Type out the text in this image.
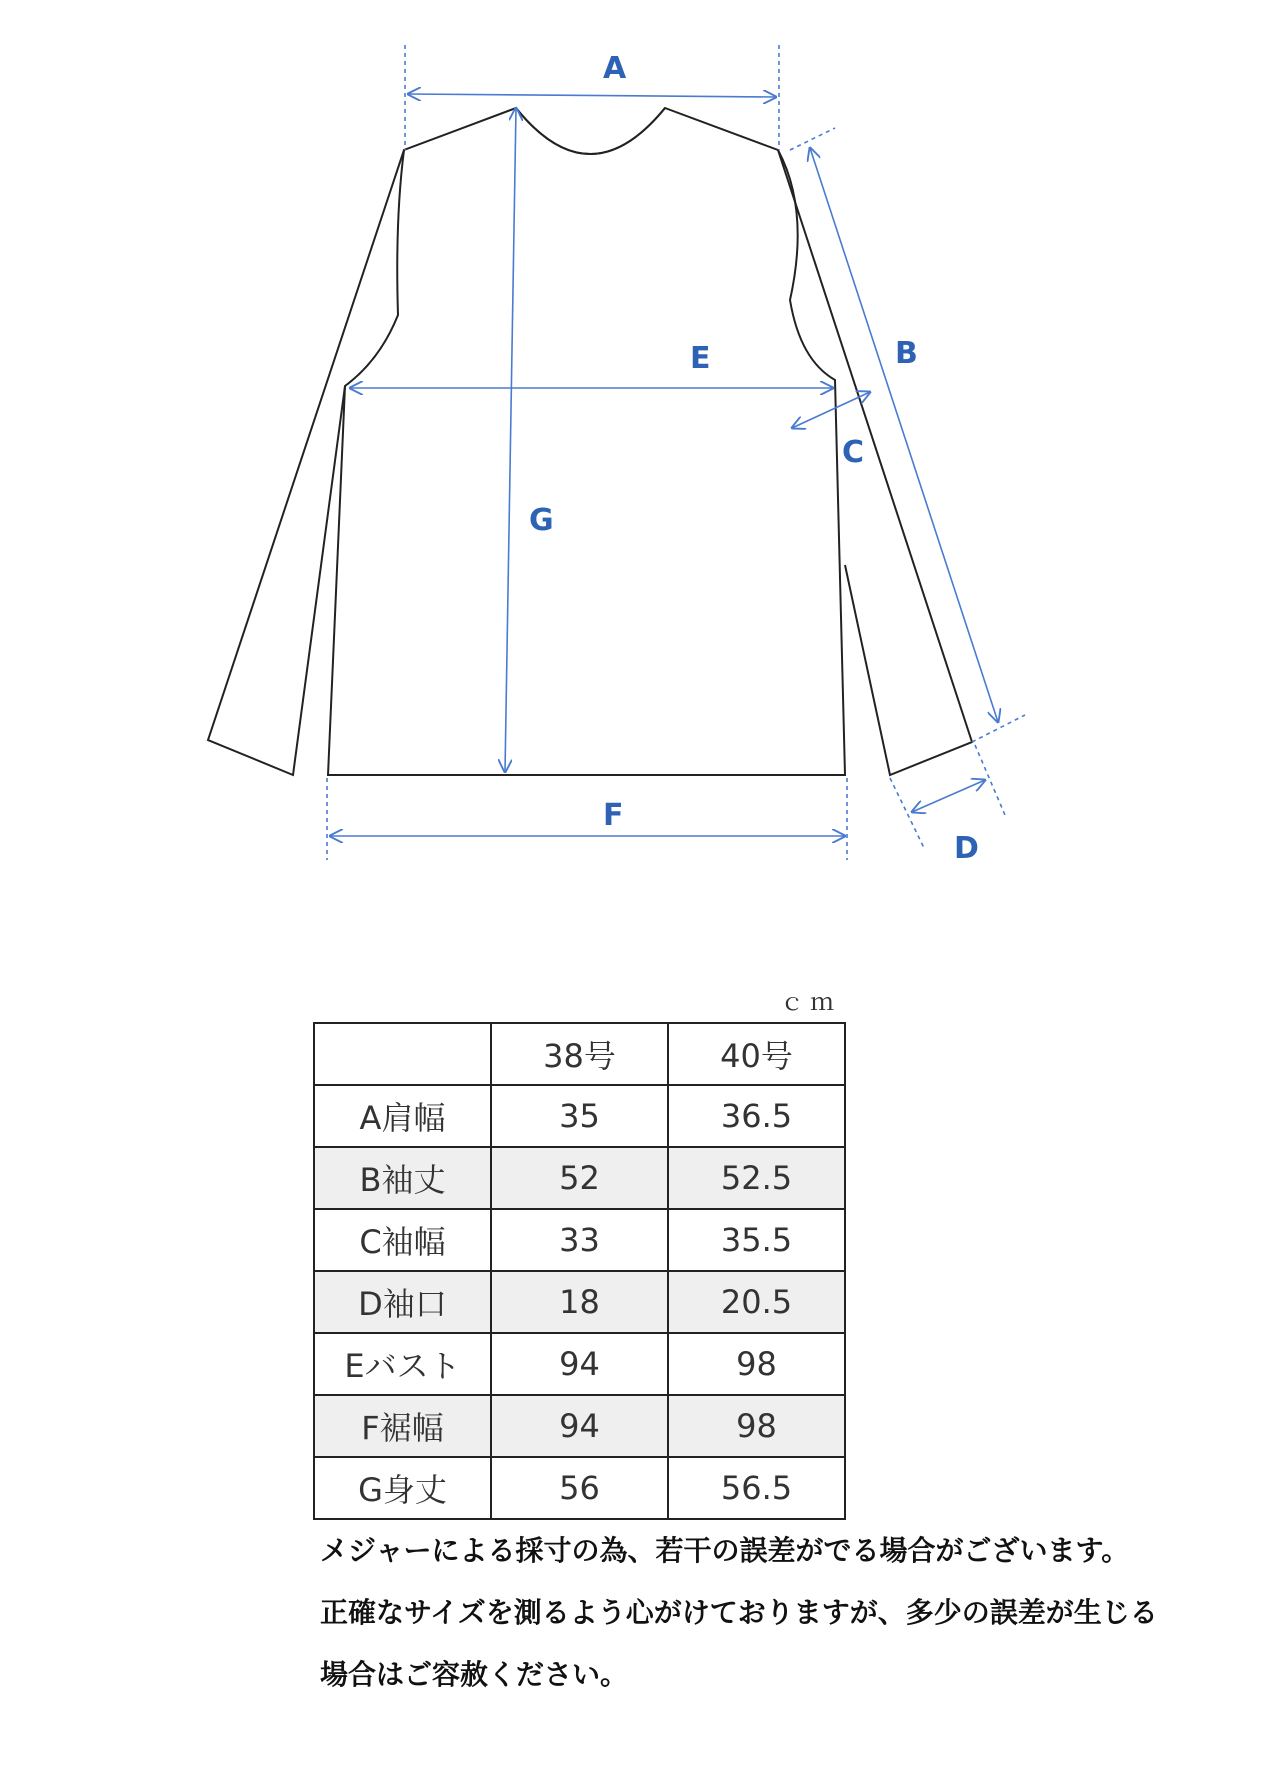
A
B
E
C
G
F
D
ｃｍ
	38号	40号
A肩幅	35	36.5
B袖丈	52	52.5
C袖幅	33	35.5
D袖口	18	20.5
Eバスト	94	98
F裾幅	94	98
G身丈	56	56.5

メジャーによる採寸の為、若干の誤差がでる場合がございます。

正確なサイズを測るよう心がけておりますが、多少の誤差が生じる

場合はご容赦ください。
